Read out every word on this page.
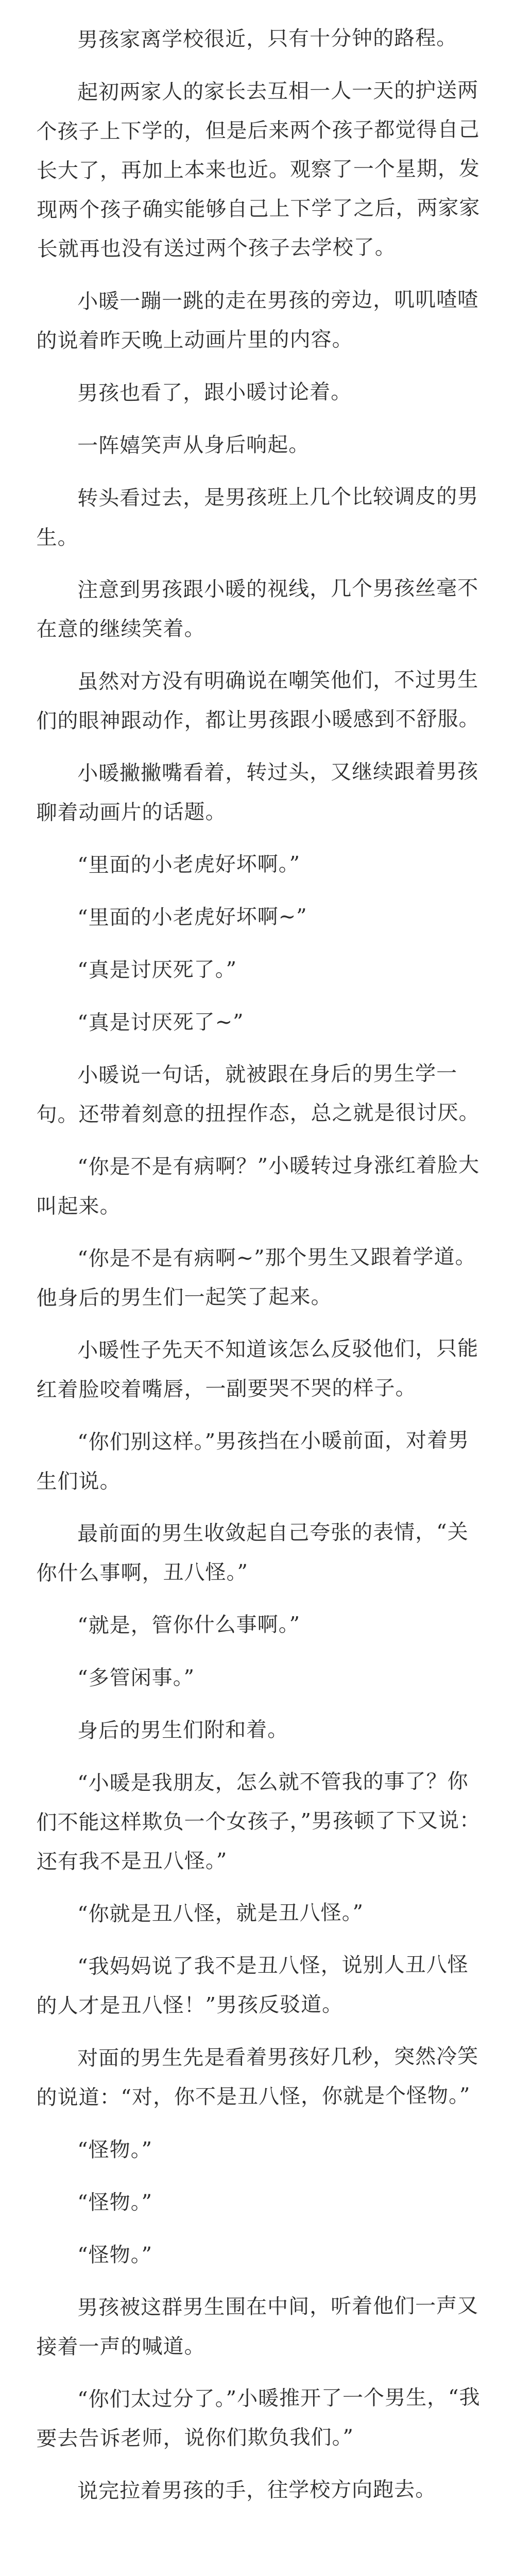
男孩家离学校很近，只有十分钟的路程。

起初两家人的家长去互相一人一天的护送两个孩子上下学的，但是后来两个孩子都觉得自己长大了，再加上本来也近。观察了一个星期，发现两个孩子确实能够自己上下学了之后，两家家长就再也没有送过两个孩子去学校了。

小暖一蹦一跳的走在男孩的旁边，叽叽喳喳的说着昨天晚上动画片里的内容。

男孩也看了，跟小暖讨论着。

一阵嬉笑声从身后响起。

转头看过去，是男孩班上几个比较调皮的男生。

注意到男孩跟小暖的视线，几个男孩丝毫不在意的继续笑着。

虽然对方没有明确说在嘲笑他们，不过男生们的眼神跟动作，都让男孩跟小暖感到不舒服。

小暖撇撇嘴看着，转过头，又继续跟着男孩聊着动画片的话题。

“里面的小老虎好坏啊。”

“里面的小老虎好坏啊~”

“真是讨厌死了。”

“真是讨厌死了~”

小暖说一句话，就被跟在身后的男生学一句。还带着刻意的扭捏作态，总之就是很讨厌。

“你是不是有病啊？”小暖转过身涨红着脸大叫起来。

“你是不是有病啊~”那个男生又跟着学道。他身后的男生们一起笑了起来。

小暖性子先天不知道该怎么反驳他们，只能红着脸咬着嘴唇，一副要哭不哭的样子。

“你们别这样。”男孩挡在小暖前面，对着男生们说。

最前面的男生收敛起自己夸张的表情，“关你什么事啊，丑八怪。”

“就是，管你什么事啊。”

“多管闲事。”

身后的男生们附和着。

“小暖是我朋友，怎么就不管我的事了？你们不能这样欺负一个女孩子，”男孩顿了下又说：还有我不是丑八怪。”

“你就是丑八怪，就是丑八怪。”

“我妈妈说了我不是丑八怪，说别人丑八怪的人才是丑八怪！”男孩反驳道。

对面的男生先是看着男孩好几秒，突然冷笑的说道：“对，你不是丑八怪，你就是个怪物。”

“怪物。”

“怪物。”

“怪物。”

男孩被这群男生围在中间，听着他们一声又接着一声的喊道。

“你们太过分了。”小暖推开了一个男生，“我要去告诉老师，说你们欺负我们。”

说完拉着男孩的手，往学校方向跑去。
